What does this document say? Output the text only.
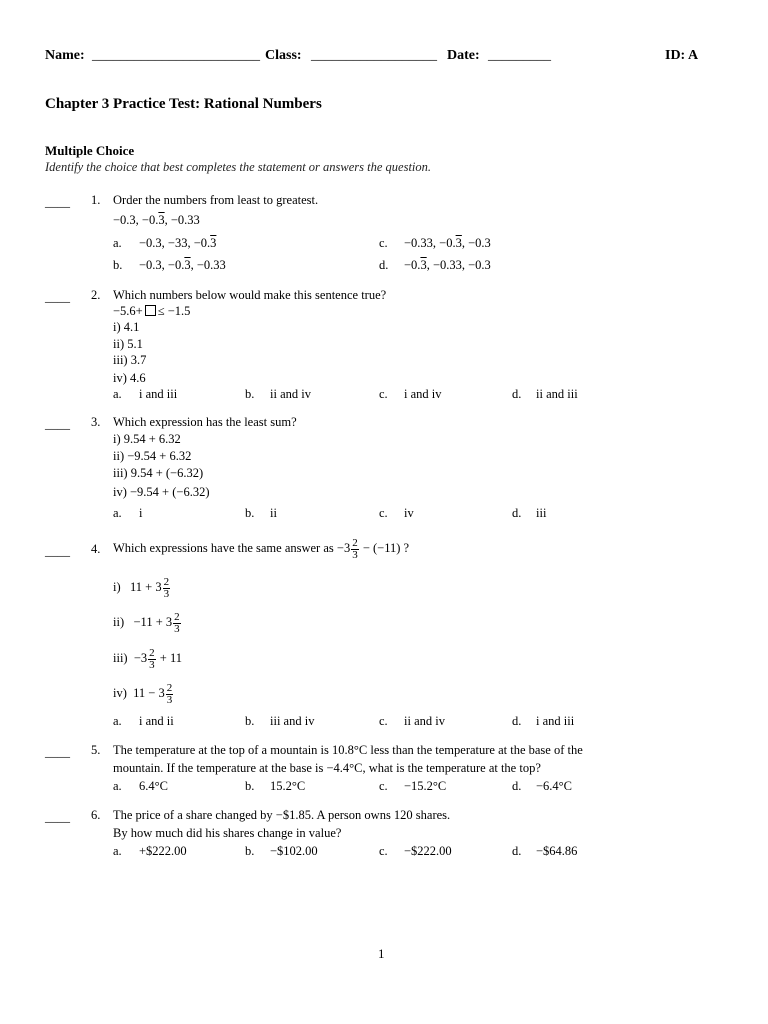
Name: ________________________ Class: __________________ Date: _________	ID: A
Chapter 3 Practice Test: Rational Numbers
Multiple Choice
Identify the choice that best completes the statement or answers the question.
____ 1. Order the numbers from least to greatest.
−0.3, −0.3, −0.33
a. −0.3, −33, −0.3
b. −0.3, −0.3, −0.33
c. −0.33, −0.3, −0.3
d. −0.3, −0.33, −0.3
____ 2. Which numbers below would make this sentence true?
−5.6+ ≤ −1.5
i) 4.1
ii) 5.1
iii) 3.7
iv) 4.6
a. i and iii	b. ii and iv	c. i and iv	d. ii and iii
____ 3. Which expression has the least sum?
i) 9.54 + 6.32
ii) −9.54 + 6.32
iii) 9.54 + (−6.32)
iv) −9.54 + (−6.32)
a. i	b. ii	c. iv	d. iii
____ 4. Which expressions have the same answer as $-3 \frac{2}{3} - (-11)$ ?
i)   $11 + 3 \frac{2}{3}$
$ii) -11 + 3 \frac{2}{3}$
$iii) -3 \frac{2}{3} + 11$
iv)  $11 - 3 \frac{2}{3}$
a. i and ii	b. iii and iv	c. ii and iv	d. i and iii
____ 5. The temperature at the top of a mountain is 10.8°C less than the temperature at the base of the
mountain. If the temperature at the base is −4.4°C, what is the temperature at the top?
a. 6.4°C	b. 15.2°C	c. −15.2°C	d. −6.4°C
____ 6. The price of a share changed by −$1.85. A person owns 120 shares.
By how much did his shares change in value?
a. +$222.00	b. −$102.00	c. −$222.00	d. −$64.86
1
